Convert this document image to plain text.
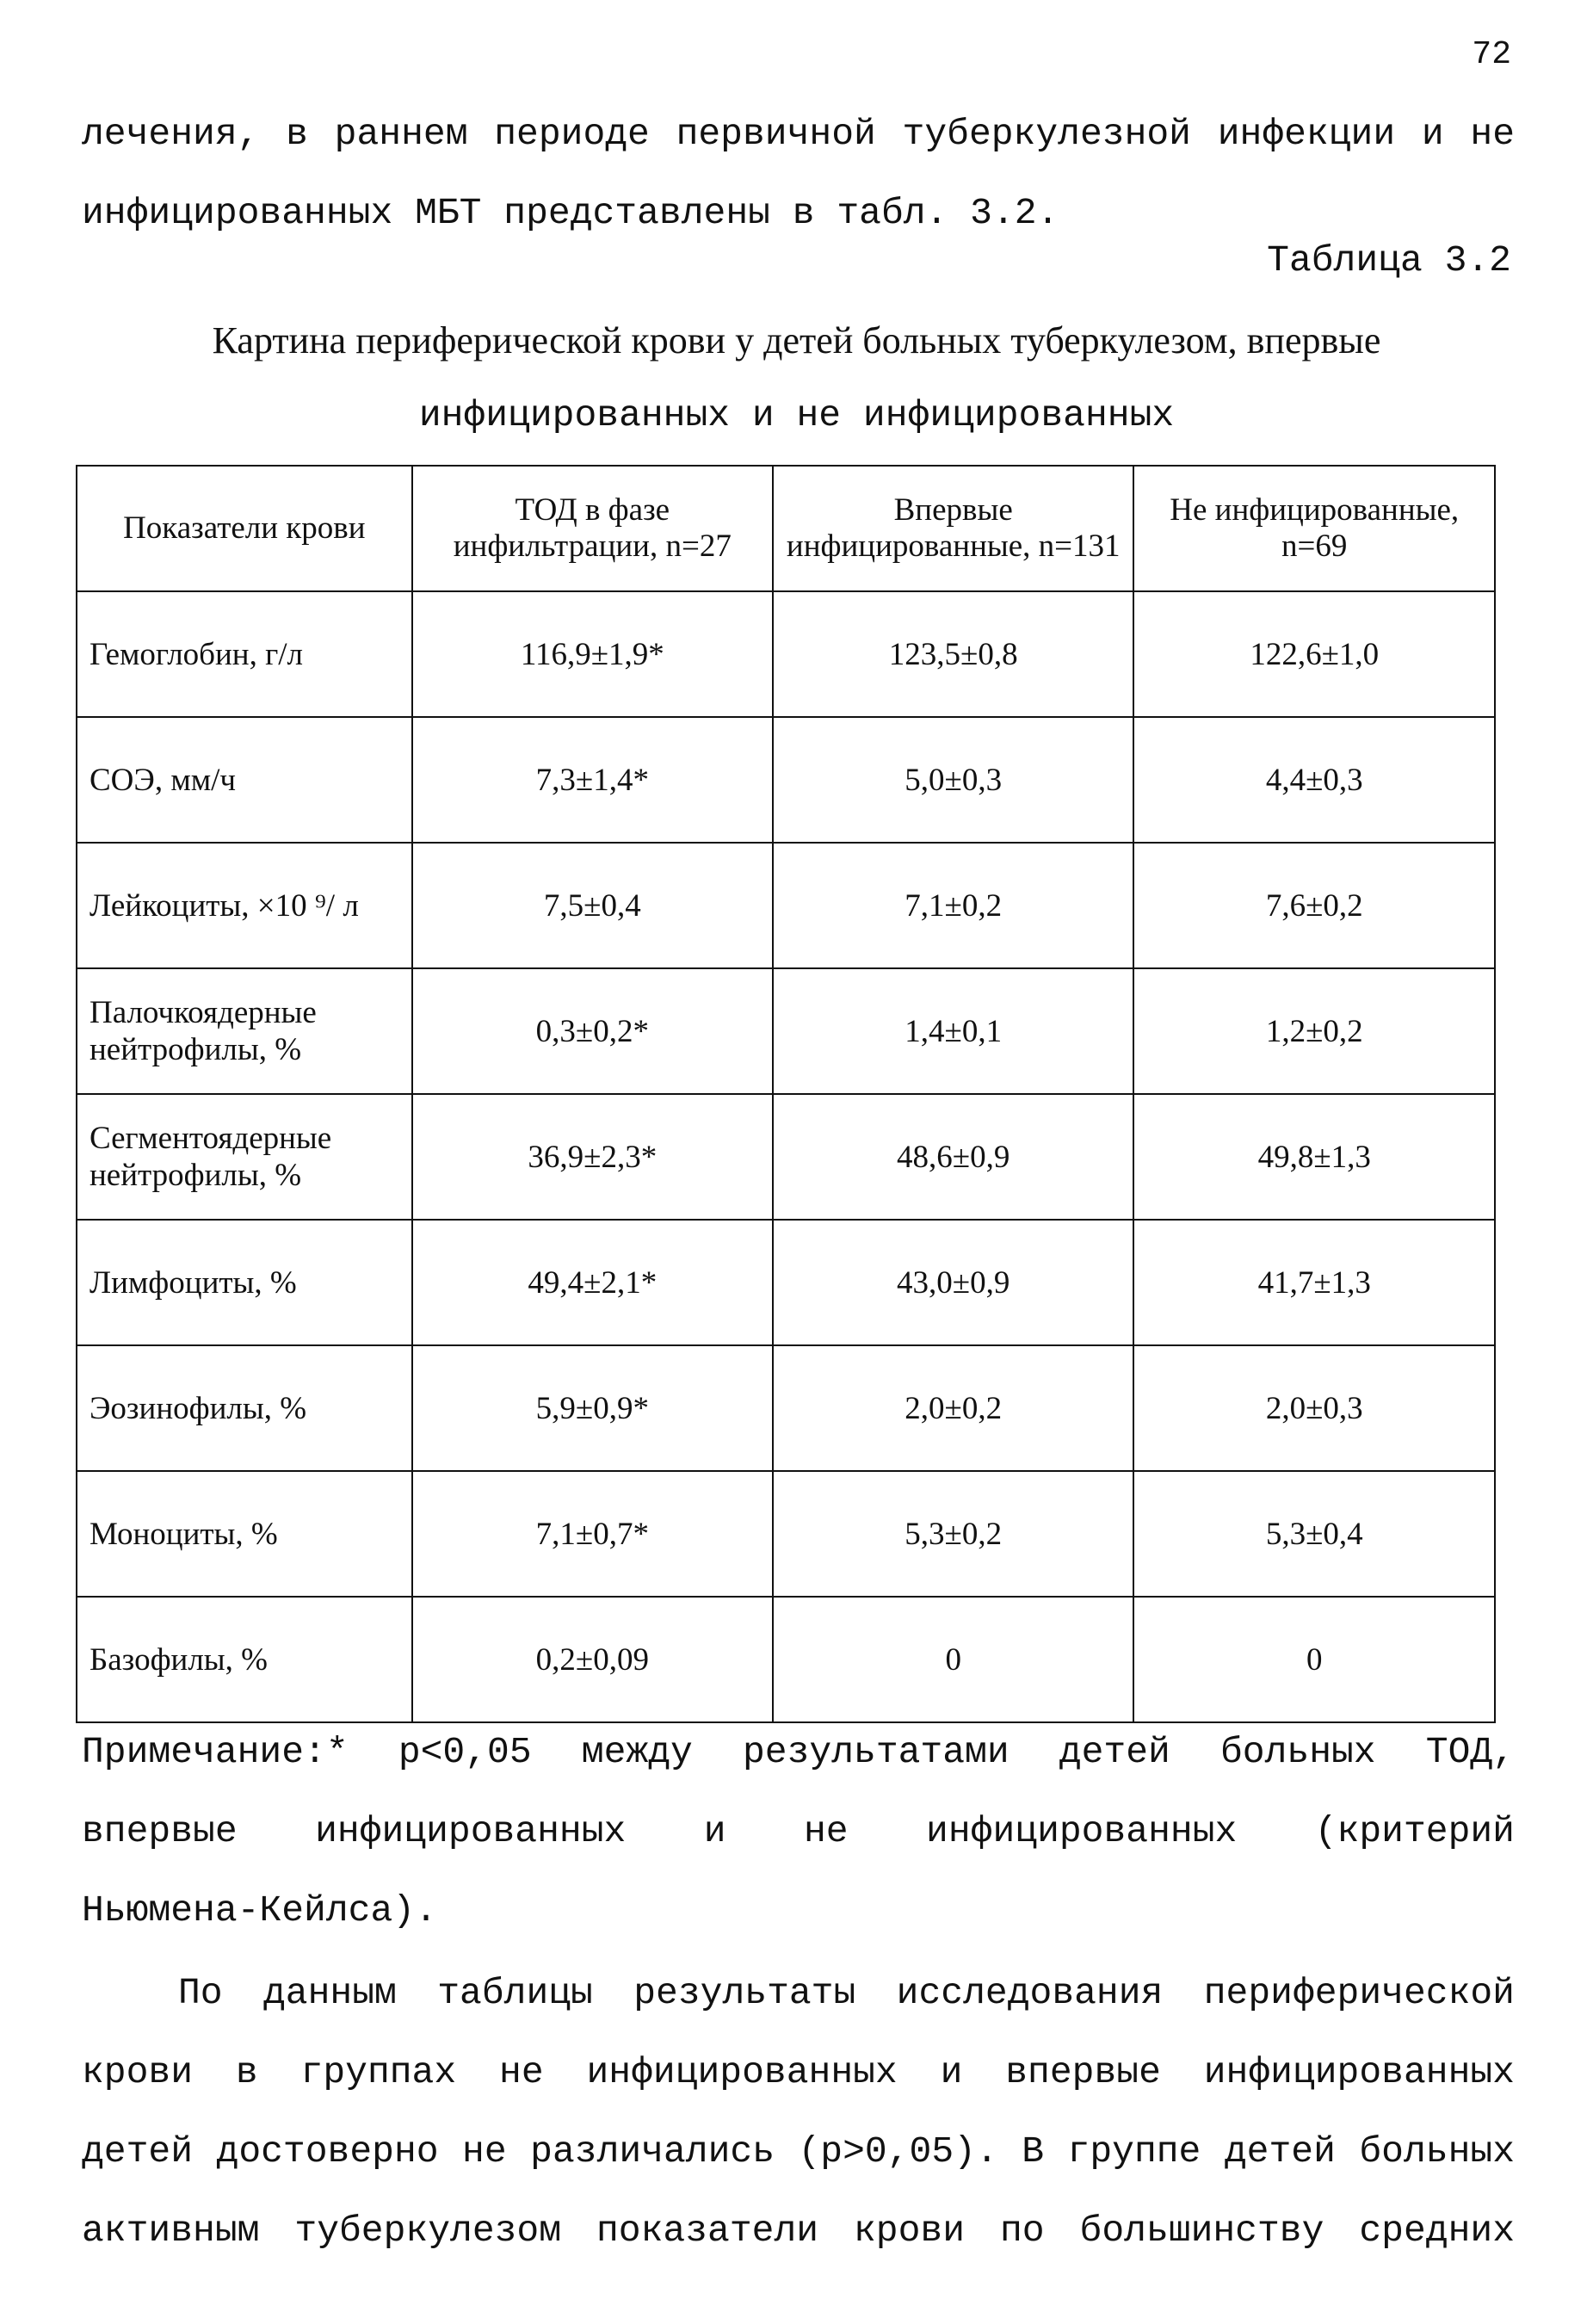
72
лечения, в раннем периоде первичной туберкулезной инфекции и не
инфицированных МБТ представлены в табл. 3.2.
Таблица 3.2
Картина периферической крови у детей больных туберкулезом, впервые
инфицированных и не инфицированных
Показатели крови	ТОД в фазе инфильтрации, n=27	Впервые инфицированные, n=131	Не инфицированные, n=69
Гемоглобин, г/л	116,9±1,9*	123,5±0,8	122,6±1,0
СОЭ, мм/ч	7,3±1,4*	5,0±0,3	4,4±0,3
Лейкоциты, ×10 ⁹/ л	7,5±0,4	7,1±0,2	7,6±0,2
Палочкоядерные нейтрофилы, %	0,3±0,2*	1,4±0,1	1,2±0,2
Сегментоядерные нейтрофилы, %	36,9±2,3*	48,6±0,9	49,8±1,3
Лимфоциты, %	49,4±2,1*	43,0±0,9	41,7±1,3
Эозинофилы, %	5,9±0,9*	2,0±0,2	2,0±0,3
Моноциты, %	7,1±0,7*	5,3±0,2	5,3±0,4
Базофилы, %	0,2±0,09	0	0
Примечание:* р<0,05 между результатами детей больных ТОД,
впервые инфицированных и не инфицированных (критерий
Ньюмена-Кейлса).
По данным таблицы результаты исследования периферической
крови в группах не инфицированных и впервые инфицированных
детей достоверно не различались (р>0,05). В группе детей больных
активным туберкулезом показатели крови по большинству средних
